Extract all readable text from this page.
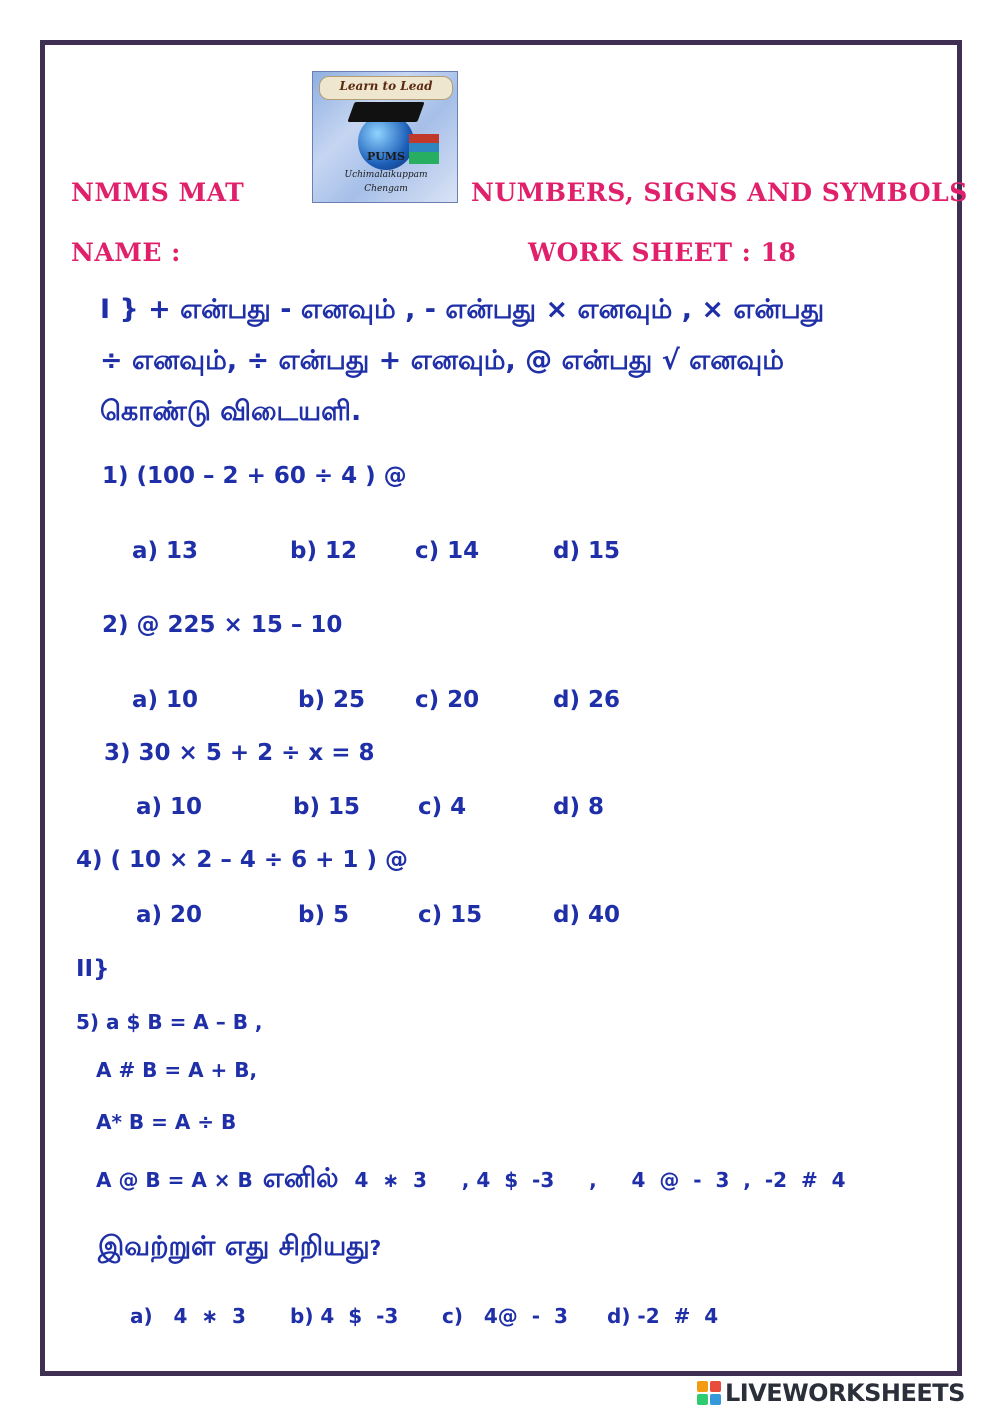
Learn to Lead
PUMS
Uchimalaikuppam
Chengam
NMMS MAT	NUMBERS, SIGNS AND SYMBOLS
NAME :	WORK SHEET : 18
I } + என்பது - எனவும் , - என்பது × எனவும் , × என்பது
÷ எனவும், ÷ என்பது + எனவும், @ என்பது √ எனவும்
கொண்டு விடையளி.
1) (100 – 2 + 60 ÷ 4 ) @
a) 13	b) 12	c) 14	d) 15
2) @ 225 × 15 – 10
a) 10	b) 25 c) 20	d) 26
3) 30 × 5 + 2 ÷ x = 8
a) 10	b) 15	c) 4	d) 8
4) ( 10 × 2 – 4 ÷ 6 + 1 ) @
a) 20	b) 5	c) 15	d) 40
II}
5) a $ B = A – B ,
A # B = A + B,
A* B = A ÷ B
A @ B = A × B எனில் 4  ∗  3     , 4  $  -3     ,     4  @  -  3  ,  -2  #  4
இவற்றுள் எது சிறியது ?
a)   4  ∗  3 b) 4  $  -3 c)   4@  -  3 d) -2  #  4
LIVEWORKSHEETS
